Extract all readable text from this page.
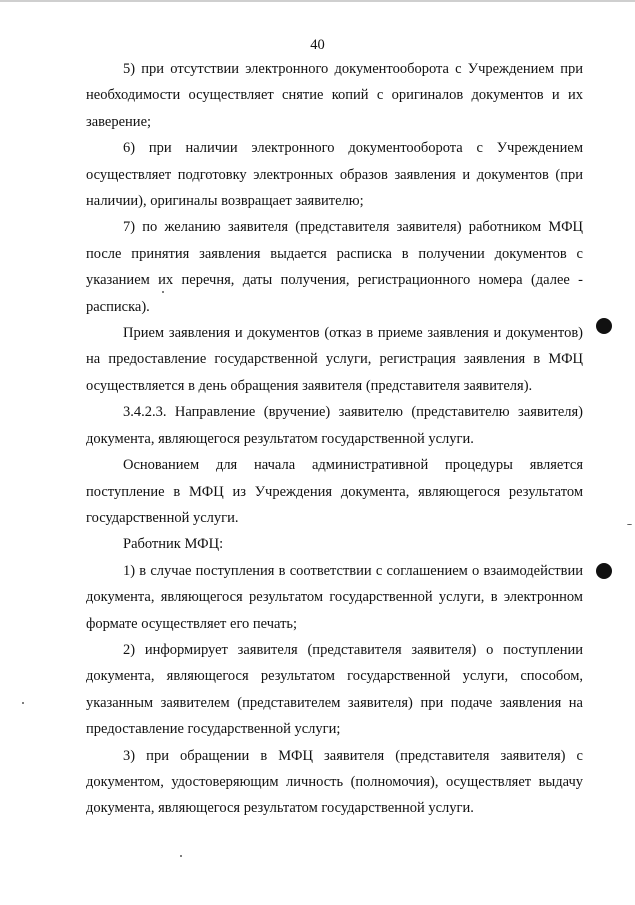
40

5) при отсутствии электронного документооборота с Учреждением при необходимости осуществляет снятие копий с оригиналов документов и их заверение;

6) при наличии электронного документооборота с Учреждением осуществляет подготовку электронных образов заявления и документов (при наличии), оригиналы возвращает заявителю;

7) по желанию заявителя (представителя заявителя) работником МФЦ после принятия заявления выдается расписка в получении документов с указанием их перечня, даты получения, регистрационного номера (далее - расписка).

Прием заявления и документов (отказ в приеме заявления и документов) на предоставление государственной услуги, регистрация заявления в МФЦ осуществляется в день обращения заявителя (представителя заявителя).

3.4.2.3. Направление (вручение) заявителю (представителю заявителя) документа, являющегося результатом государственной услуги.

Основанием для начала административной процедуры является поступление в МФЦ из Учреждения документа, являющегося результатом государственной услуги.

Работник МФЦ:

1) в случае поступления в соответствии с соглашением о взаимодействии документа, являющегося результатом государственной услуги, в электронном формате осуществляет его печать;

2) информирует заявителя (представителя заявителя) о поступлении документа, являющегося результатом государственной услуги, способом, указанным заявителем (представителем заявителя) при подаче заявления на предоставление государственной услуги;

3) при обращении в МФЦ заявителя (представителя заявителя) с документом, удостоверяющим личность (полномочия), осуществляет выдачу документа, являющегося результатом государственной услуги.
